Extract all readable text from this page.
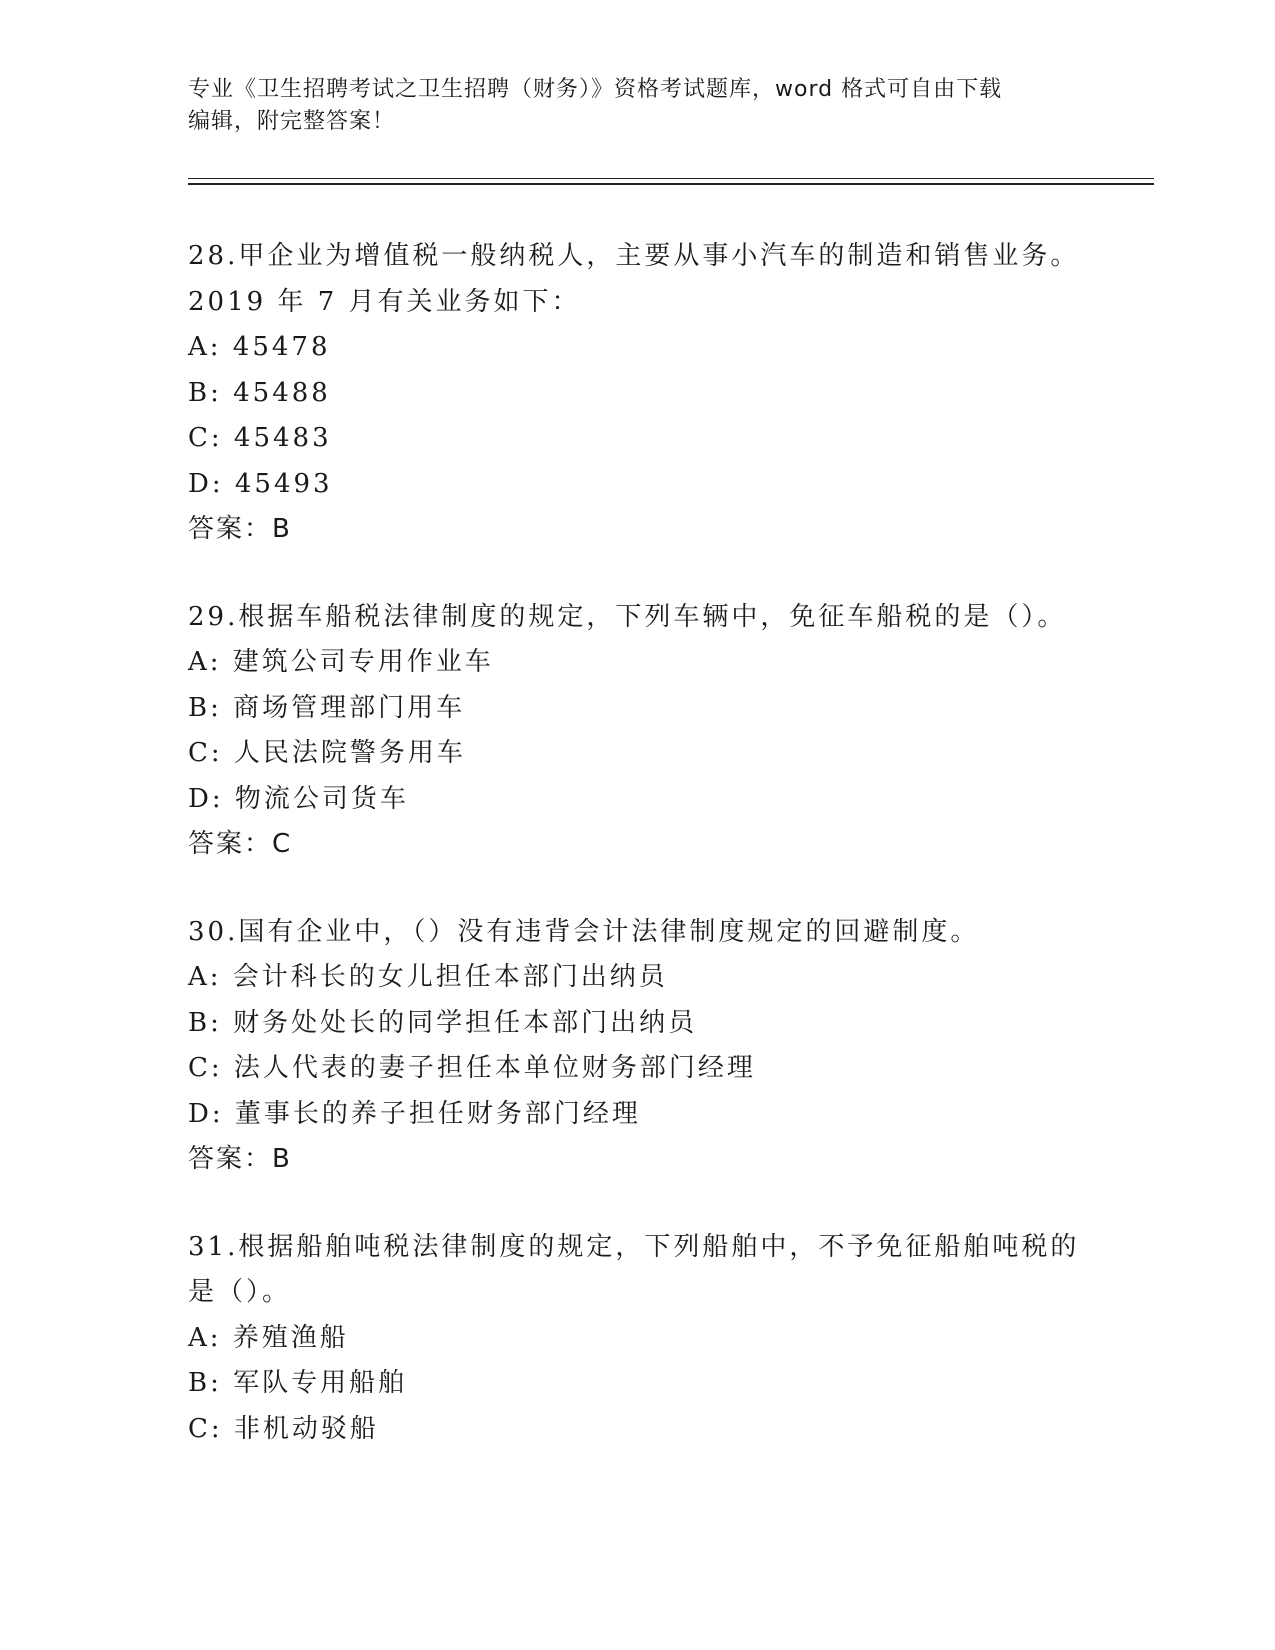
专业《卫生招聘考试之卫生招聘（财务）》资格考试题库，word 格式可自由下载
编辑，附完整答案！
28.甲企业为增值税一般纳税人，主要从事小汽车的制造和销售业务。
2019 年 7 月有关业务如下：
A: 45478
B: 45488
C: 45483
D: 45493
答案：B
29.根据车船税法律制度的规定，下列车辆中，免征车船税的是（）。
A: 建筑公司专用作业车
B: 商场管理部门用车
C: 人民法院警务用车
D: 物流公司货车
答案：C
30.国有企业中，（）没有违背会计法律制度规定的回避制度。
A: 会计科长的女儿担任本部门出纳员
B: 财务处处长的同学担任本部门出纳员
C: 法人代表的妻子担任本单位财务部门经理
D: 董事长的养子担任财务部门经理
答案：B
31.根据船舶吨税法律制度的规定，下列船舶中，不予免征船舶吨税的
是（）。
A: 养殖渔船
B: 军队专用船舶
C: 非机动驳船
